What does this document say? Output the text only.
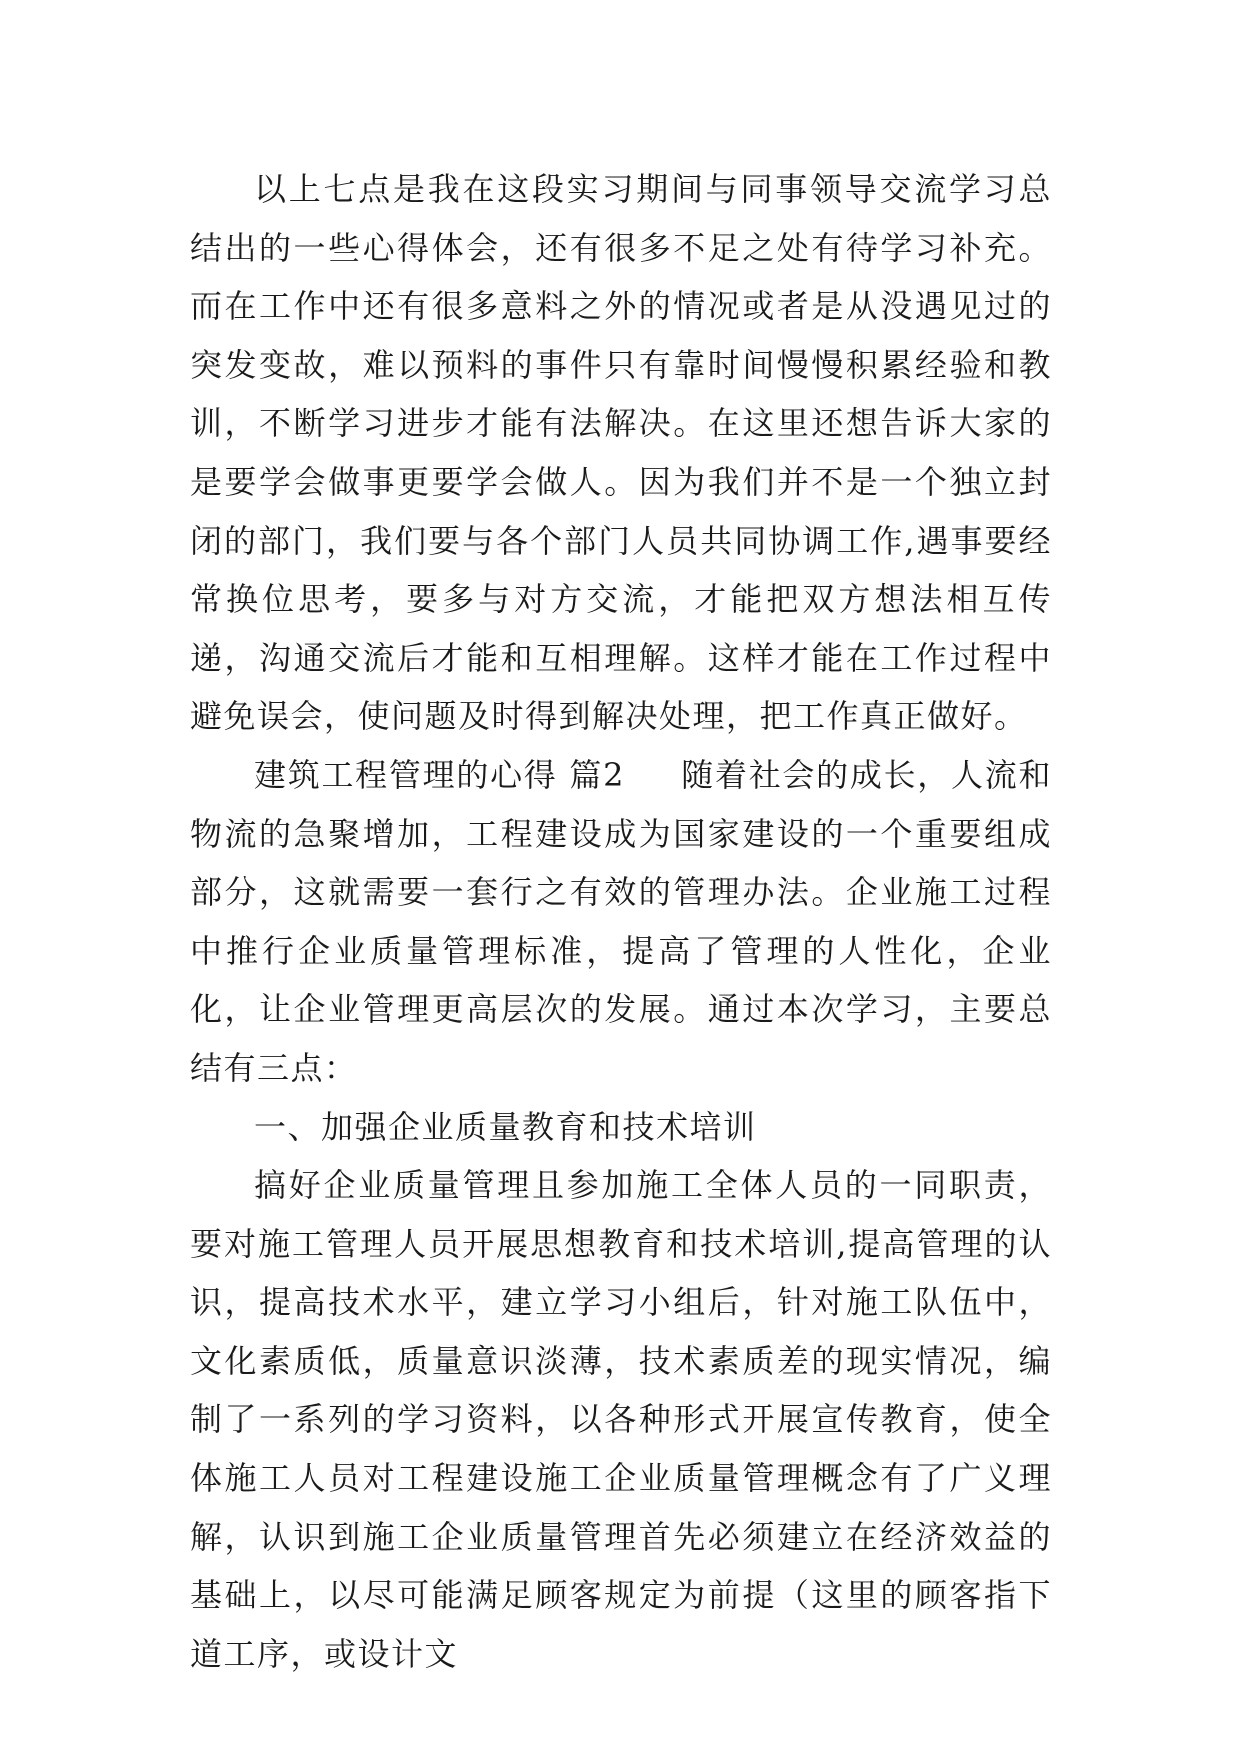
以上七点是我在这段实习期间与同事领导交流学习总结出的一些心得体会，还有很多不足之处有待学习补充。而在工作中还有很多意料之外的情况或者是从没遇见过的突发变故，难以预料的事件只有靠时间慢慢积累经验和教训，不断学习进步才能有法解决。在这里还想告诉大家的是要学会做事更要学会做人。因为我们并不是一个独立封闭的部门，我们要与各个部门人员共同协调工作,遇事要经常换位思考，要多与对方交流，才能把双方想法相互传递，沟通交流后才能和互相理解。这样才能在工作过程中避免误会，使问题及时得到解决处理，把工作真正做好。

建筑工程管理的心得 篇2 随着社会的成长，人流和物流的急聚增加，工程建设成为国家建设的一个重要组成部分，这就需要一套行之有效的管理办法。企业施工过程中推行企业质量管理标准，提高了管理的人性化，企业化，让企业管理更高层次的发展。通过本次学习，主要总结有三点：

一、加强企业质量教育和技术培训

搞好企业质量管理且参加施工全体人员的一同职责，要对施工管理人员开展思想教育和技术培训,提高管理的认识，提高技术水平，建立学习小组后，针对施工队伍中，文化素质低，质量意识淡薄，技术素质差的现实情况，编制了一系列的学习资料，以各种形式开展宣传教育，使全体施工人员对工程建设施工企业质量管理概念有了广义理解，认识到施工企业质量管理首先必须建立在经济效益的基础上，以尽可能满足顾客规定为前提（这里的顾客指下道工序，或设计文
